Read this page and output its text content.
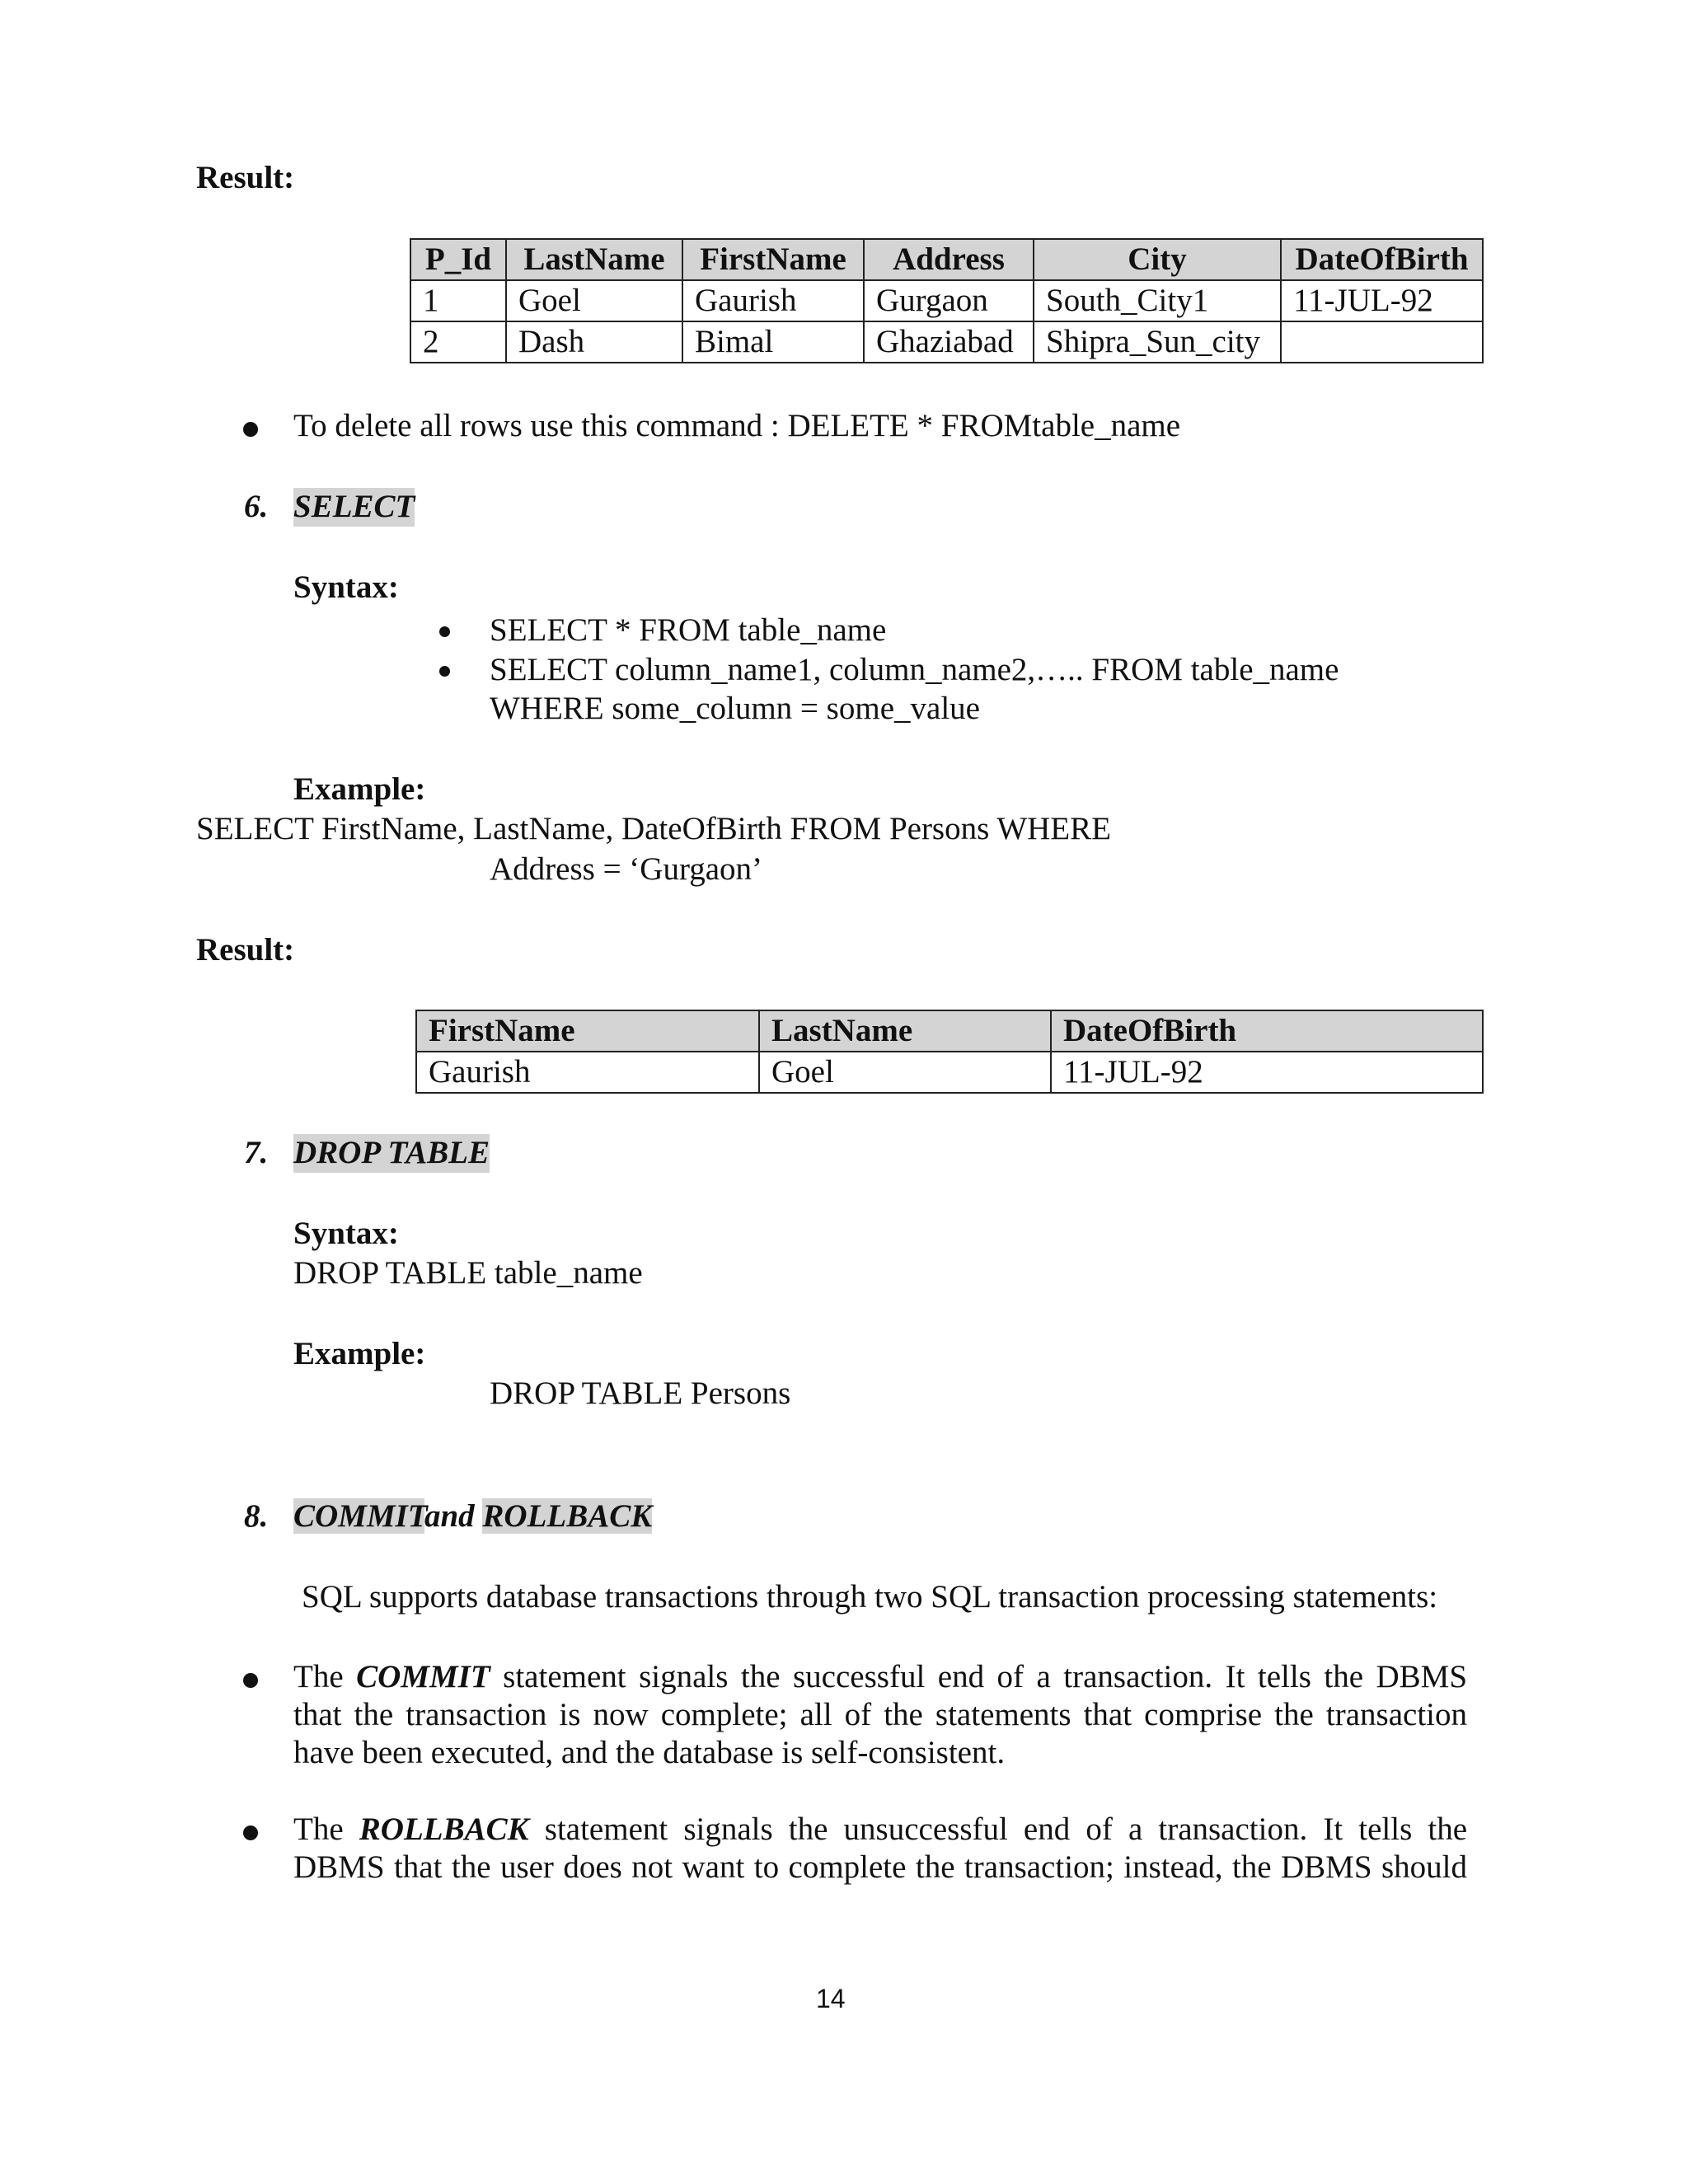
Result:
P_Id	LastName	FirstName	Address	City	DateOfBirth
1	Goel	Gaurish	Gurgaon	South_City1	11-JUL-92
2	Dash	Bimal	Ghaziabad	Shipra_Sun_city	
To delete all rows use this command : DELETE * FROMtable_name
6. SELECT
Syntax:
SELECT * FROM table_name
SELECT column_name1, column_name2,….. FROM table_name
WHERE some_column = some_value
Example:
SELECT FirstName, LastName, DateOfBirth FROM Persons WHERE
Address = ‘Gurgaon’
Result:
FirstName	LastName	DateOfBirth
Gaurish	Goel	11-JUL-92
7. DROP TABLE
Syntax:
DROP TABLE table_name
Example:
DROP TABLE Persons
8. COMMITand ROLLBACK
SQL supports database transactions through two SQL transaction processing statements:
The COMMIT statement signals the successful end of a transaction. It tells the DBMS
that the transaction is now complete; all of the statements that comprise the transaction
have been executed, and the database is self-consistent.
The ROLLBACK statement signals the unsuccessful end of a transaction. It tells the
DBMS that the user does not want to complete the transaction; instead, the DBMS should
14
